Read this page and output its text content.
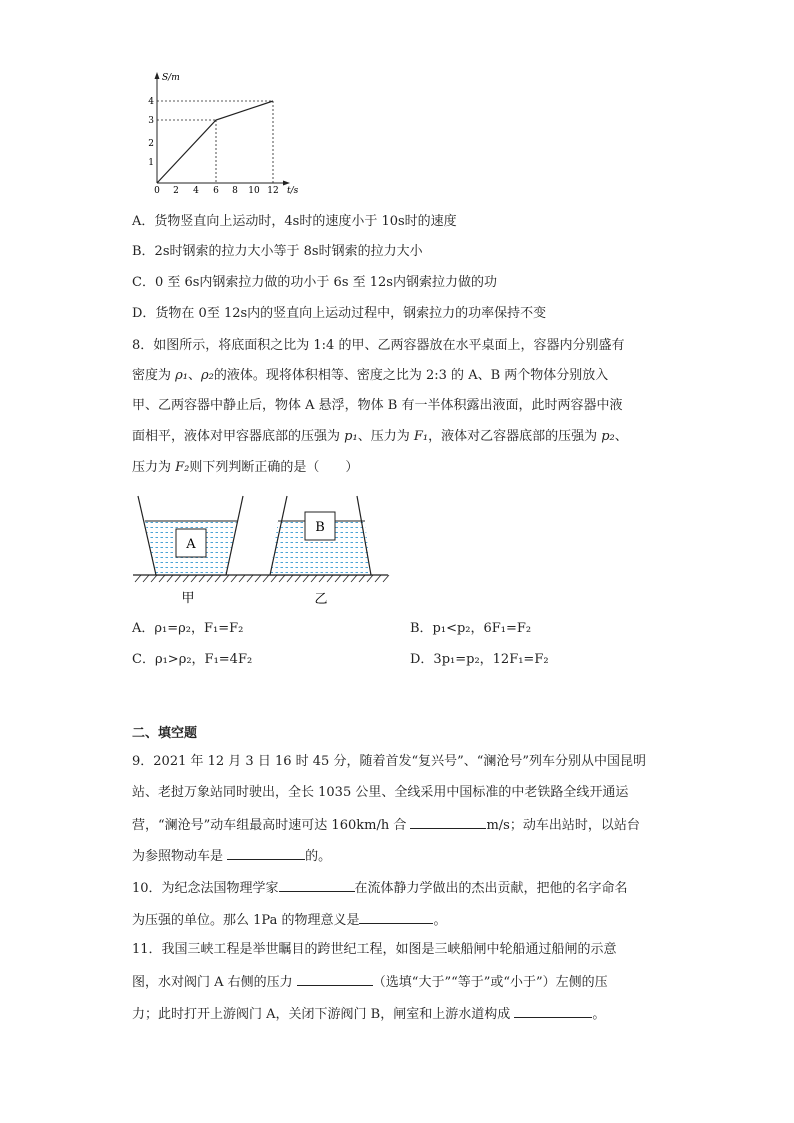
S/m
t/s
1
2
3
4
0 2 4 6 8 10 12
A．货物竖直向上运动时，4s时的速度小于 10s时的速度
B．2s时钢索的拉力大小等于 8s时钢索的拉力大小
C．0 至 6s内钢索拉力做的功小于 6s 至 12s内钢索拉力做的功
D．货物在 0至 12s内的竖直向上运动过程中，钢索拉力的功率保持不变
8．如图所示，将底面积之比为 1:4 的甲、乙两容器放在水平桌面上，容器内分别盛有
密度为 ρ₁、ρ₂的液体。现将体积相等、密度之比为 2:3 的 A、B 两个物体分别放入
甲、乙两容器中静止后，物体 A 悬浮，物体 B 有一半体积露出液面，此时两容器中液
面相平，液体对甲容器底部的压强为 p₁、压力为 F₁，液体对乙容器底部的压强为 p₂、
压力为 F₂则下列判断正确的是（　　）
A
B
甲	乙
A．ρ₁=ρ₂，F₁=F₂	B．p₁<p₂，6F₁=F₂
C．ρ₁>ρ₂，F₁=4F₂	D．3p₁=p₂，12F₁=F₂
二、填空题
9．2021 年 12 月 3 日 16 时 45 分，随着首发“复兴号”、“澜沧号”列车分别从中国昆明
站、老挝万象站同时驶出，全长 1035 公里、全线采用中国标准的中老铁路全线开通运
营，“澜沧号”动车组最高时速可达 160km/h 合	m/s；动车出站时，以站台
为参照物动车是	的。
10．为纪念法国物理学家	在流体静力学做出的杰出贡献，把他的名字命名
为压强的单位。那么 1Pa 的物理意义是	。
11．我国三峡工程是举世瞩目的跨世纪工程，如图是三峡船闸中轮船通过船闸的示意
图，水对阀门 A 右侧的压力	（选填“大于”“等于”或“小于”）左侧的压
力；此时打开上游阀门 A，关闭下游阀门 B，闸室和上游水道构成	。
